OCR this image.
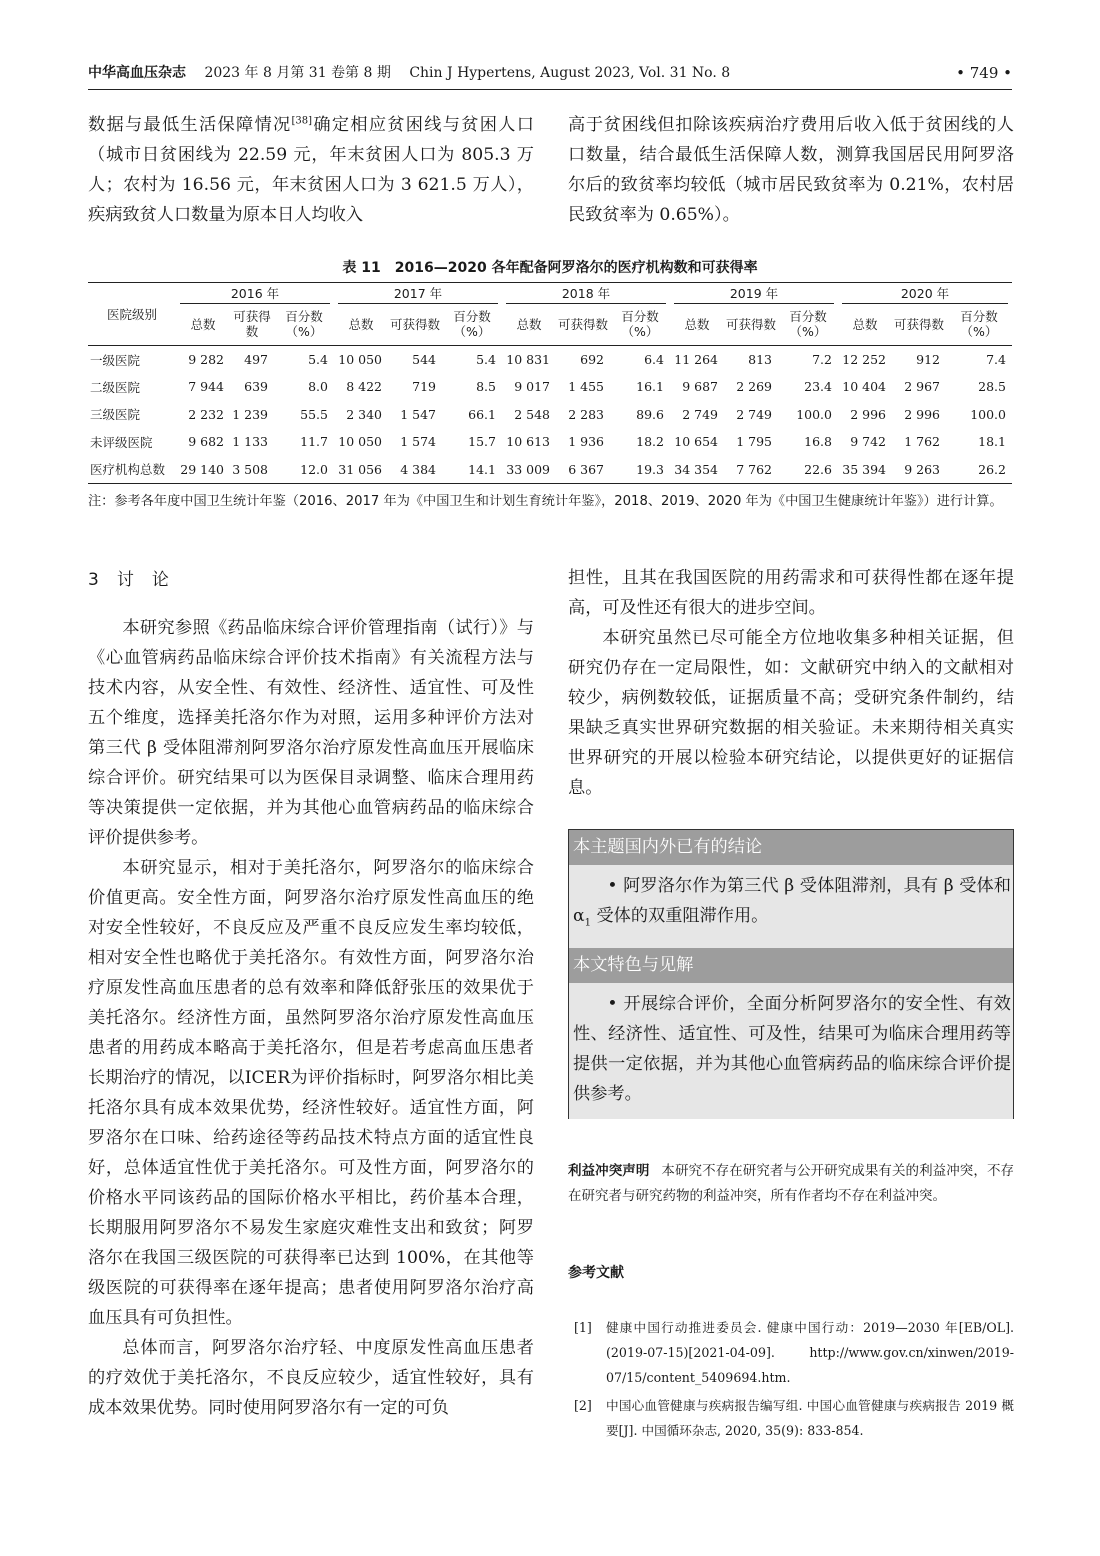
中华高血压杂志 2023 年 8 月第 31 卷第 8 期 Chin J Hypertens, August 2023, Vol. 31 No. 8	• 749 •

数据与最低生活保障情况[38]确定相应贫困线与贫困人口（城市日贫困线为 22.59 元，年末贫困人口为 805.3 万人；农村为 16.56 元，年末贫困人口为 3 621.5 万人），疾病致贫人口数量为原本日人均收入

高于贫困线但扣除该疾病治疗费用后收入低于贫困线的人口数量，结合最低生活保障人数，测算我国居民用阿罗洛尔后的致贫率均较低（城市居民致贫率为 0.21%，农村居民致贫率为 0.65%）。

表 11　2016—2020 各年配备阿罗洛尔的医疗机构数和可获得率
医院级别	2016 年			2017 年			2018 年			2019 年			2020 年		

	总数	可获得数	百分数（%）	总数	可获得数	百分数（%）	总数	可获得数	百分数（%）	总数	可获得数	百分数（%）	总数	可获得数	百分数（%）
一级医院	9 282	497	5.4	10 050	544	5.4	10 831	692	6.4	11 264	813	7.2	12 252	912	7.4
二级医院	7 944	639	8.0	8 422	719	8.5	9 017	1 455	16.1	9 687	2 269	23.4	10 404	2 967	28.5
三级医院	2 232	1 239	55.5	2 340	1 547	66.1	2 548	2 283	89.6	2 749	2 749	100.0	2 996	2 996	100.0
未评级医院	9 682	1 133	11.7	10 050	1 574	15.7	10 613	1 936	18.2	10 654	1 795	16.8	9 742	1 762	18.1
医疗机构总数	29 140	3 508	12.0	31 056	4 384	14.1	33 009	6 367	19.3	34 354	7 762	22.6	35 394	9 263	26.2
注：参考各年度中国卫生统计年鉴（2016、2017 年为《中国卫生和计划生育统计年鉴》，2018、2019、2020 年为《中国卫生健康统计年鉴》）进行计算。
3 讨论

本研究参照《药品临床综合评价管理指南（试行）》与《心血管病药品临床综合评价技术指南》有关流程方法与技术内容，从安全性、有效性、经济性、适宜性、可及性五个维度，选择美托洛尔作为对照，运用多种评价方法对第三代 β 受体阻滞剂阿罗洛尔治疗原发性高血压开展临床综合评价。研究结果可以为医保目录调整、临床合理用药等决策提供一定依据，并为其他心血管病药品的临床综合评价提供参考。

本研究显示，相对于美托洛尔，阿罗洛尔的临床综合价值更高。安全性方面，阿罗洛尔治疗原发性高血压的绝对安全性较好，不良反应及严重不良反应发生率均较低，相对安全性也略优于美托洛尔。有效性方面，阿罗洛尔治疗原发性高血压患者的总有效率和降低舒张压的效果优于美托洛尔。经济性方面，虽然阿罗洛尔治疗原发性高血压患者的用药成本略高于美托洛尔，但是若考虑高血压患者长期治疗的情况，以ICER为评价指标时，阿罗洛尔相比美托洛尔具有成本效果优势，经济性较好。适宜性方面，阿罗洛尔在口味、给药途径等药品技术特点方面的适宜性良好，总体适宜性优于美托洛尔。可及性方面，阿罗洛尔的价格水平同该药品的国际价格水平相比，药价基本合理，长期服用阿罗洛尔不易发生家庭灾难性支出和致贫；阿罗洛尔在我国三级医院的可获得率已达到 100%，在其他等级医院的可获得率在逐年提高；患者使用阿罗洛尔治疗高血压具有可负担性。

总体而言，阿罗洛尔治疗轻、中度原发性高血压患者的疗效优于美托洛尔，不良反应较少，适宜性较好，具有成本效果优势。同时使用阿罗洛尔有一定的可负

担性，且其在我国医院的用药需求和可获得性都在逐年提高，可及性还有很大的进步空间。

本研究虽然已尽可能全方位地收集多种相关证据，但研究仍存在一定局限性，如：文献研究中纳入的文献相对较少，病例数较低，证据质量不高；受研究条件制约，结果缺乏真实世界研究数据的相关验证。未来期待相关真实世界研究的开展以检验本研究结论，以提供更好的证据信息。

本主题国内外已有的结论

• 阿罗洛尔作为第三代 β 受体阻滞剂，具有 β 受体和 $\alpha_1$ 受体的双重阻滞作用。

本文特色与见解

• 开展综合评价，全面分析阿罗洛尔的安全性、有效性、经济性、适宜性、可及性，结果可为临床合理用药等提供一定依据，并为其他心血管病药品的临床综合评价提供参考。

利益冲突声明 本研究不存在研究者与公开研究成果有关的利益冲突，不存在研究者与研究药物的利益冲突，所有作者均不存在利益冲突。
参考文献
[1]	健康中国行动推进委员会. 健康中国行动：2019—2030 年[EB/OL]. (2019-07-15)[2021-04-09]. http://www.gov.cn/xinwen/2019-07/15/content_5409694.htm.
[2]	中国心血管健康与疾病报告编写组. 中国心血管健康与疾病报告 2019 概要[J]. 中国循环杂志, 2020, 35(9): 833-854.
